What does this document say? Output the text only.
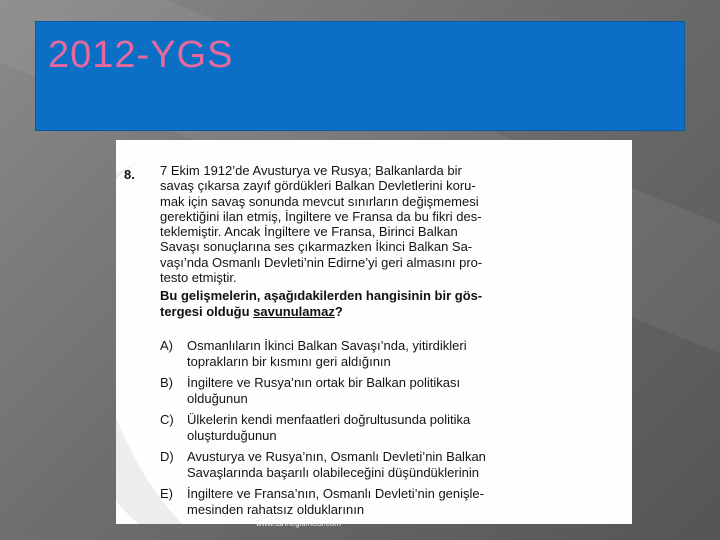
2012-YGS
8. 7 Ekim 1912’de Avusturya ve Rusya; Balkanlarda bir
savaş çıkarsa zayıf gördükleri Balkan Devletlerini koru-
mak için savaş sonunda mevcut sınırların değişmemesi
gerektiğini ilan etmiş, İngiltere ve Fransa da bu fikri des-
teklemiştir. Ancak İngiltere ve Fransa, Birinci Balkan
Savaşı sonuçlarına ses çıkarmazken İkinci Balkan Sa-
vaşı’nda Osmanlı Devleti’nin Edirne’yi geri almasını pro-
testo etmiştir.
Bu gelişmelerin, aşağıdakilerden hangisinin bir gös-
tergesi olduğu savunulamaz?
A)	Osmanlıların İkinci Balkan Savaşı’nda, yitirdikleri
toprakların bir kısmını geri aldığının
B)	İngiltere ve Rusya’nın ortak bir Balkan politikası
olduğunun
C)	Ülkelerin kendi menfaatleri doğrultusunda politika
oluşturduğunun
D)	Avusturya ve Rusya’nın, Osmanlı Devleti’nin Balkan
Savaşlarında başarılı olabileceğini düşündüklerinin
E)	İngiltere ve Fransa’nın, Osmanlı Devleti’nin genişle-
mesinden rahatsız olduklarının
www.tarihegitimcisi.com
